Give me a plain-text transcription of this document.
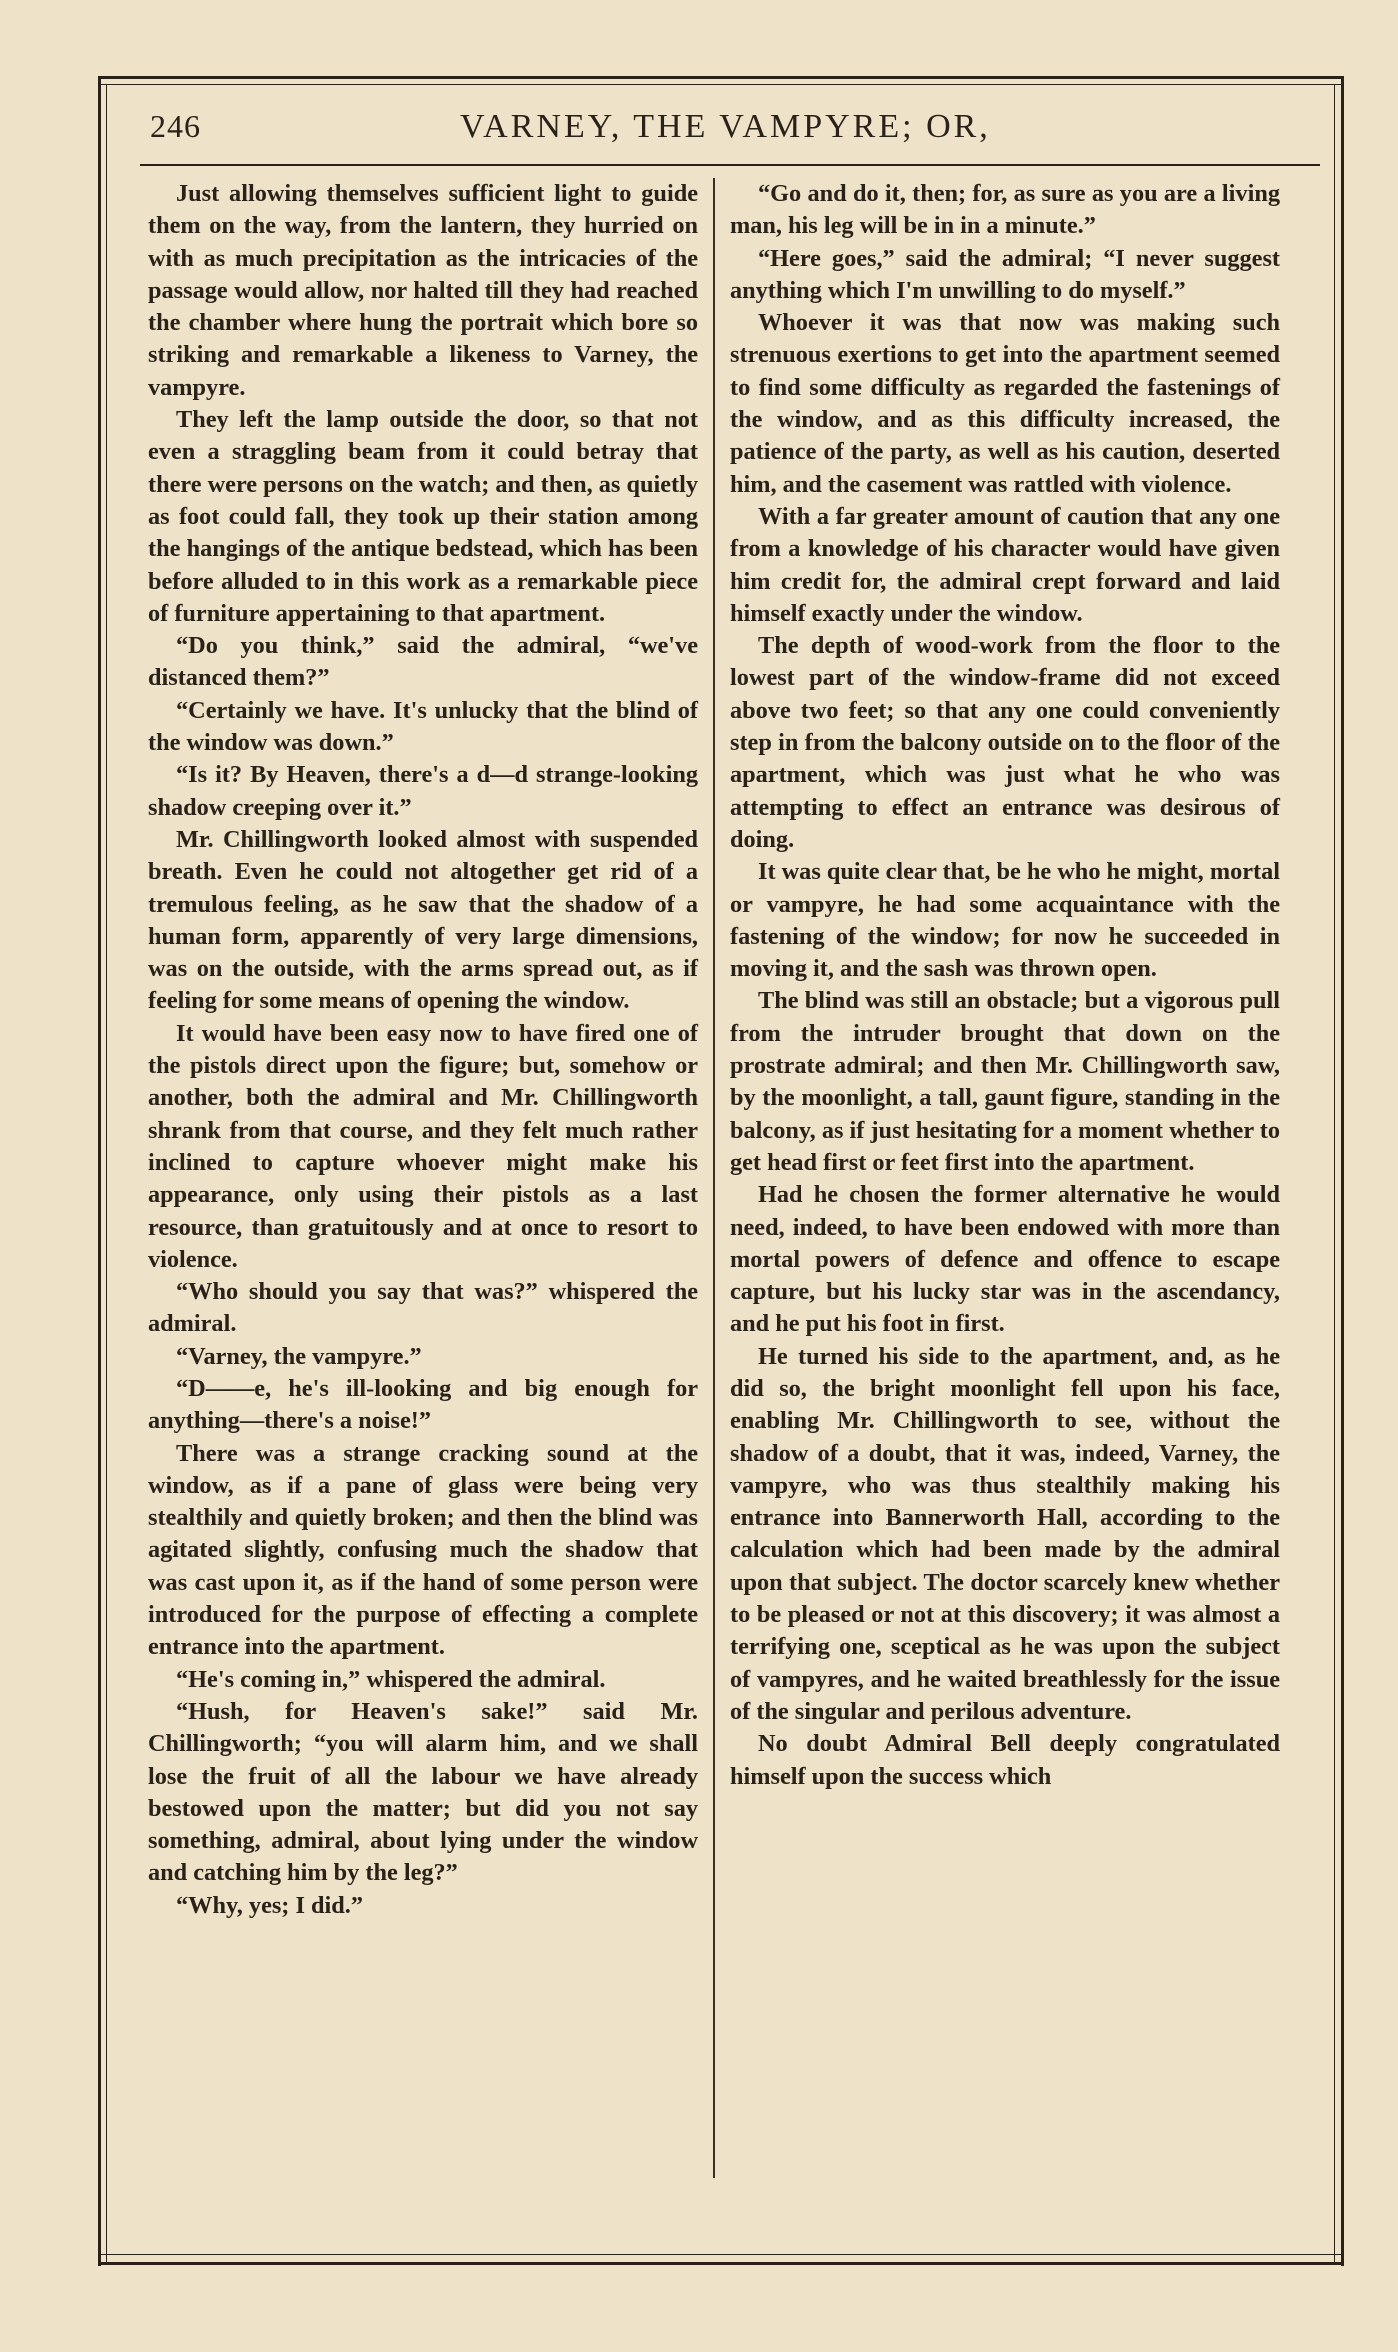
246	VARNEY, THE VAMPYRE; OR,

Just allowing themselves sufficient light to guide them on the way, from the lantern, they hurried on with as much precipitation as the intricacies of the passage would allow, nor halted till they had reached the chamber where hung the portrait which bore so striking and remarkable a likeness to Varney, the vampyre.

They left the lamp outside the door, so that not even a straggling beam from it could betray that there were persons on the watch; and then, as quietly as foot could fall, they took up their station among the hangings of the antique bedstead, which has been before alluded to in this work as a remarkable piece of furniture appertaining to that apartment.

“Do you think,” said the admiral, “we've distanced them?”

“Certainly we have. It's unlucky that the blind of the window was down.”

“Is it? By Heaven, there's a d—d strange-looking shadow creeping over it.”

Mr. Chillingworth looked almost with suspended breath. Even he could not altogether get rid of a tremulous feeling, as he saw that the shadow of a human form, apparently of very large dimensions, was on the outside, with the arms spread out, as if feeling for some means of opening the window.

It would have been easy now to have fired one of the pistols direct upon the figure; but, somehow or another, both the admiral and Mr. Chillingworth shrank from that course, and they felt much rather inclined to capture whoever might make his appearance, only using their pistols as a last resource, than gratuitously and at once to resort to violence.

“Who should you say that was?” whispered the admiral.

“Varney, the vampyre.”

“D——e, he's ill-looking and big enough for anything—there's a noise!”

There was a strange cracking sound at the window, as if a pane of glass were being very stealthily and quietly broken; and then the blind was agitated slightly, confusing much the shadow that was cast upon it, as if the hand of some person were introduced for the purpose of effecting a complete entrance into the apartment.

“He's coming in,” whispered the admiral.

“Hush, for Heaven's sake!” said Mr. Chillingworth; “you will alarm him, and we shall lose the fruit of all the labour we have already bestowed upon the matter; but did you not say something, admiral, about lying under the window and catching him by the leg?”

“Why, yes; I did.”

“Go and do it, then; for, as sure as you are a living man, his leg will be in in a minute.”

“Here goes,” said the admiral; “I never suggest anything which I'm unwilling to do myself.”

Whoever it was that now was making such strenuous exertions to get into the apartment seemed to find some difficulty as regarded the fastenings of the window, and as this difficulty increased, the patience of the party, as well as his caution, deserted him, and the casement was rattled with violence.

With a far greater amount of caution that any one from a knowledge of his character would have given him credit for, the admiral crept forward and laid himself exactly under the window.

The depth of wood-work from the floor to the lowest part of the window-frame did not exceed above two feet; so that any one could conveniently step in from the balcony outside on to the floor of the apartment, which was just what he who was attempting to effect an entrance was desirous of doing.

It was quite clear that, be he who he might, mortal or vampyre, he had some acquaintance with the fastening of the window; for now he succeeded in moving it, and the sash was thrown open.

The blind was still an obstacle; but a vigorous pull from the intruder brought that down on the prostrate admiral; and then Mr. Chillingworth saw, by the moonlight, a tall, gaunt figure, standing in the balcony, as if just hesitating for a moment whether to get head first or feet first into the apartment.

Had he chosen the former alternative he would need, indeed, to have been endowed with more than mortal powers of defence and offence to escape capture, but his lucky star was in the ascendancy, and he put his foot in first.

He turned his side to the apartment, and, as he did so, the bright moonlight fell upon his face, enabling Mr. Chillingworth to see, without the shadow of a doubt, that it was, indeed, Varney, the vampyre, who was thus stealthily making his entrance into Bannerworth Hall, according to the calculation which had been made by the admiral upon that subject. The doctor scarcely knew whether to be pleased or not at this discovery; it was almost a terrifying one, sceptical as he was upon the subject of vampyres, and he waited breathlessly for the issue of the singular and perilous adventure.

No doubt Admiral Bell deeply congratulated himself upon the success which
